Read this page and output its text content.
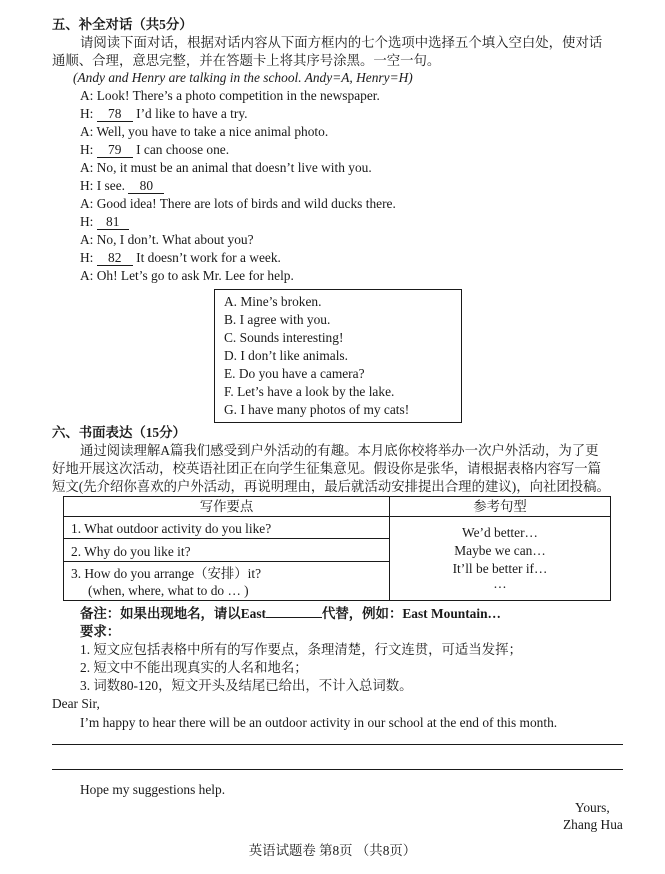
五、补全对话（共5分）
请阅读下面对话，根据对话内容从下面方框内的七个选项中选择五个填入空白处，使对话
通顺、合理，意思完整，并在答题卡上将其序号涂黑。一空一句。
(Andy and Henry are talking in the school. Andy=A, Henry=H)
A: Look! There’s a photo competition in the newspaper.
H: 78 I’d like to have a try.
A: Well, you have to take a nice animal photo.
H: 79 I can choose one.
A: No, it must be an animal that doesn’t live with you.
H: I see. 80
A: Good idea! There are lots of birds and wild ducks there.
H: 81
A: No, I don’t. What about you?
H: 82 It doesn’t work for a week.
A: Oh! Let’s go to ask Mr. Lee for help.
A. Mine’s broken.
B. I agree with you.
C. Sounds interesting!
D. I don’t like animals.
E. Do you have a camera?
F. Let’s have a look by the lake.
G. I have many photos of my cats!
六、书面表达（15分）
通过阅读理解A篇我们感受到户外活动的有趣。本月底你校将举办一次户外活动，为了更
好地开展这次活动，校英语社团正在向学生征集意见。假设你是张华，请根据表格内容写一篇
短文(先介绍你喜欢的户外活动，再说明理由，最后就活动安排提出合理的建议)，向社团投稿。
写作要点	参考句型
1. What outdoor activity do you like?
2. Why do you like it?
3. How do you arrange（安排）it?
(when, where, what to do … )
We’d better…
Maybe we can…
It’ll be better if…
…
备注：如果出现地名，请以East	代替，例如：East Mountain…
要求：
1. 短文应包括表格中所有的写作要点，条理清楚，行文连贯，可适当发挥；
2. 短文中不能出现真实的人名和地名；
3. 词数80-120，短文开头及结尾已给出，不计入总词数。
Dear Sir,
I’m happy to hear there will be an outdoor activity in our school at the end of this month.
Hope my suggestions help.
Yours,
Zhang Hua
英语试题卷 第8页 （共8页）
